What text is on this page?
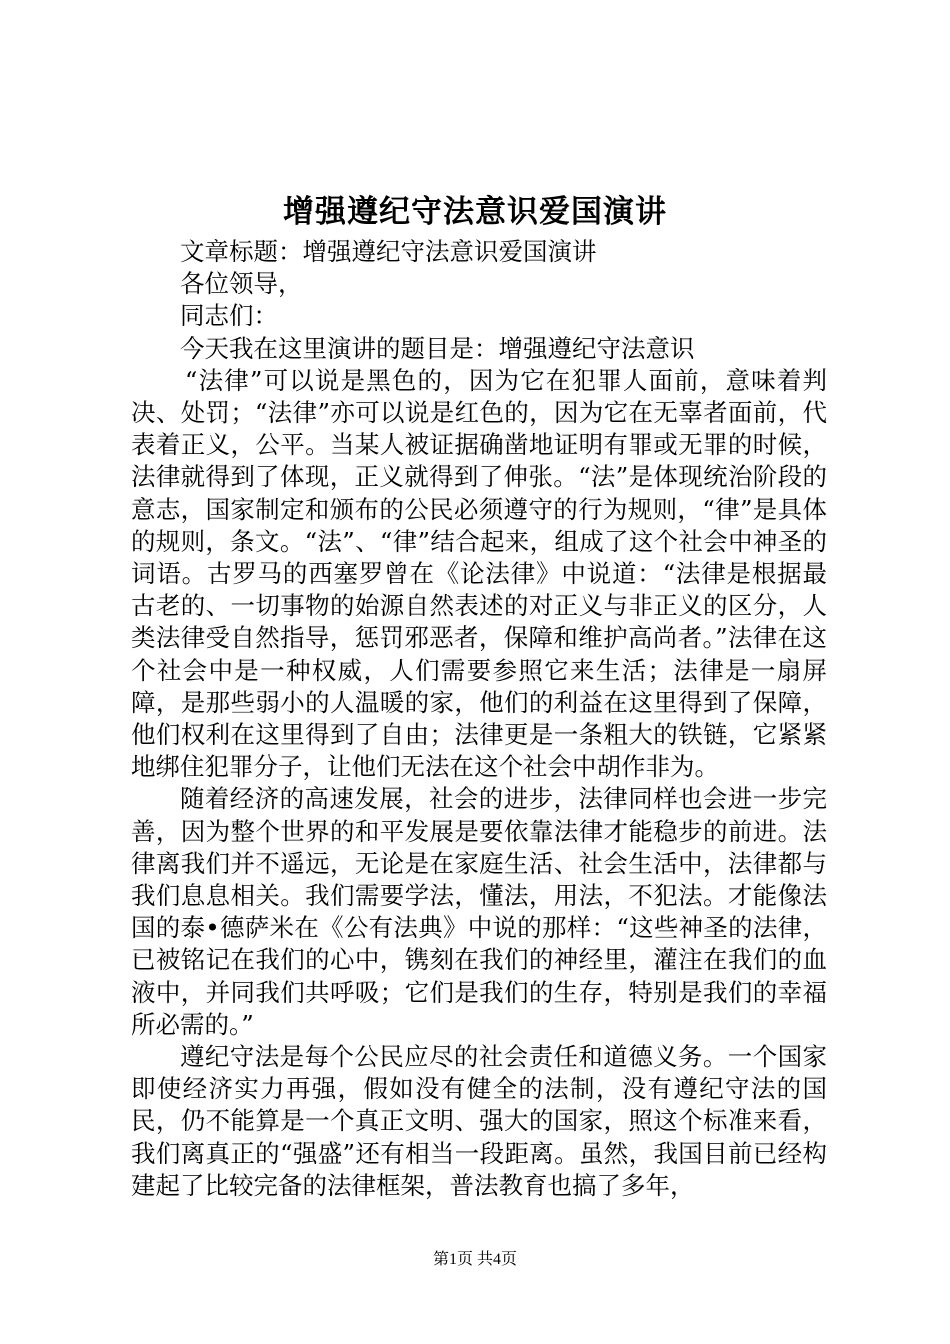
增强遵纪守法意识爱国演讲

文章标题：增强遵纪守法意识爱国演讲

各位领导，

同志们：

今天我在这里演讲的题目是：增强遵纪守法意识

“法律”可以说是黑色的，因为它在犯罪人面前，意味着判决、处罚；“法律”亦可以说是红色的，因为它在无辜者面前，代表着正义，公平。当某人被证据确凿地证明有罪或无罪的时候，法律就得到了体现，正义就得到了伸张。“法”是体现统治阶段的意志，国家制定和颁布的公民必须遵守的行为规则，“律”是具体的规则，条文。“法”、“律”结合起来，组成了这个社会中神圣的词语。古罗马的西塞罗曾在《论法律》中说道：“法律是根据最古老的、一切事物的始源自然表述的对正义与非正义的区分，人类法律受自然指导，惩罚邪恶者，保障和维护高尚者。”法律在这个社会中是一种权威，人们需要参照它来生活；法律是一扇屏障，是那些弱小的人温暖的家，他们的利益在这里得到了保障，他们权利在这里得到了自由；法律更是一条粗大的铁链，它紧紧地绑住犯罪分子，让他们无法在这个社会中胡作非为。

随着经济的高速发展，社会的进步，法律同样也会进一步完善，因为整个世界的和平发展是要依靠法律才能稳步的前进。法律离我们并不遥远，无论是在家庭生活、社会生活中，法律都与我们息息相关。我们需要学法，懂法，用法，不犯法。才能像法国的泰•德萨米在《公有法典》中说的那样：“这些神圣的法律，已被铭记在我们的心中，镌刻在我们的神经里，灌注在我们的血液中，并同我们共呼吸；它们是我们的生存，特别是我们的幸福所必需的。”

遵纪守法是每个公民应尽的社会责任和道德义务。一个国家即使经济实力再强，假如没有健全的法制，没有遵纪守法的国民，仍不能算是一个真正文明、强大的国家，照这个标准来看，我们离真正的“强盛”还有相当一段距离。虽然，我国目前已经构建起了比较完备的法律框架，普法教育也搞了多年，

第1页 共4页
